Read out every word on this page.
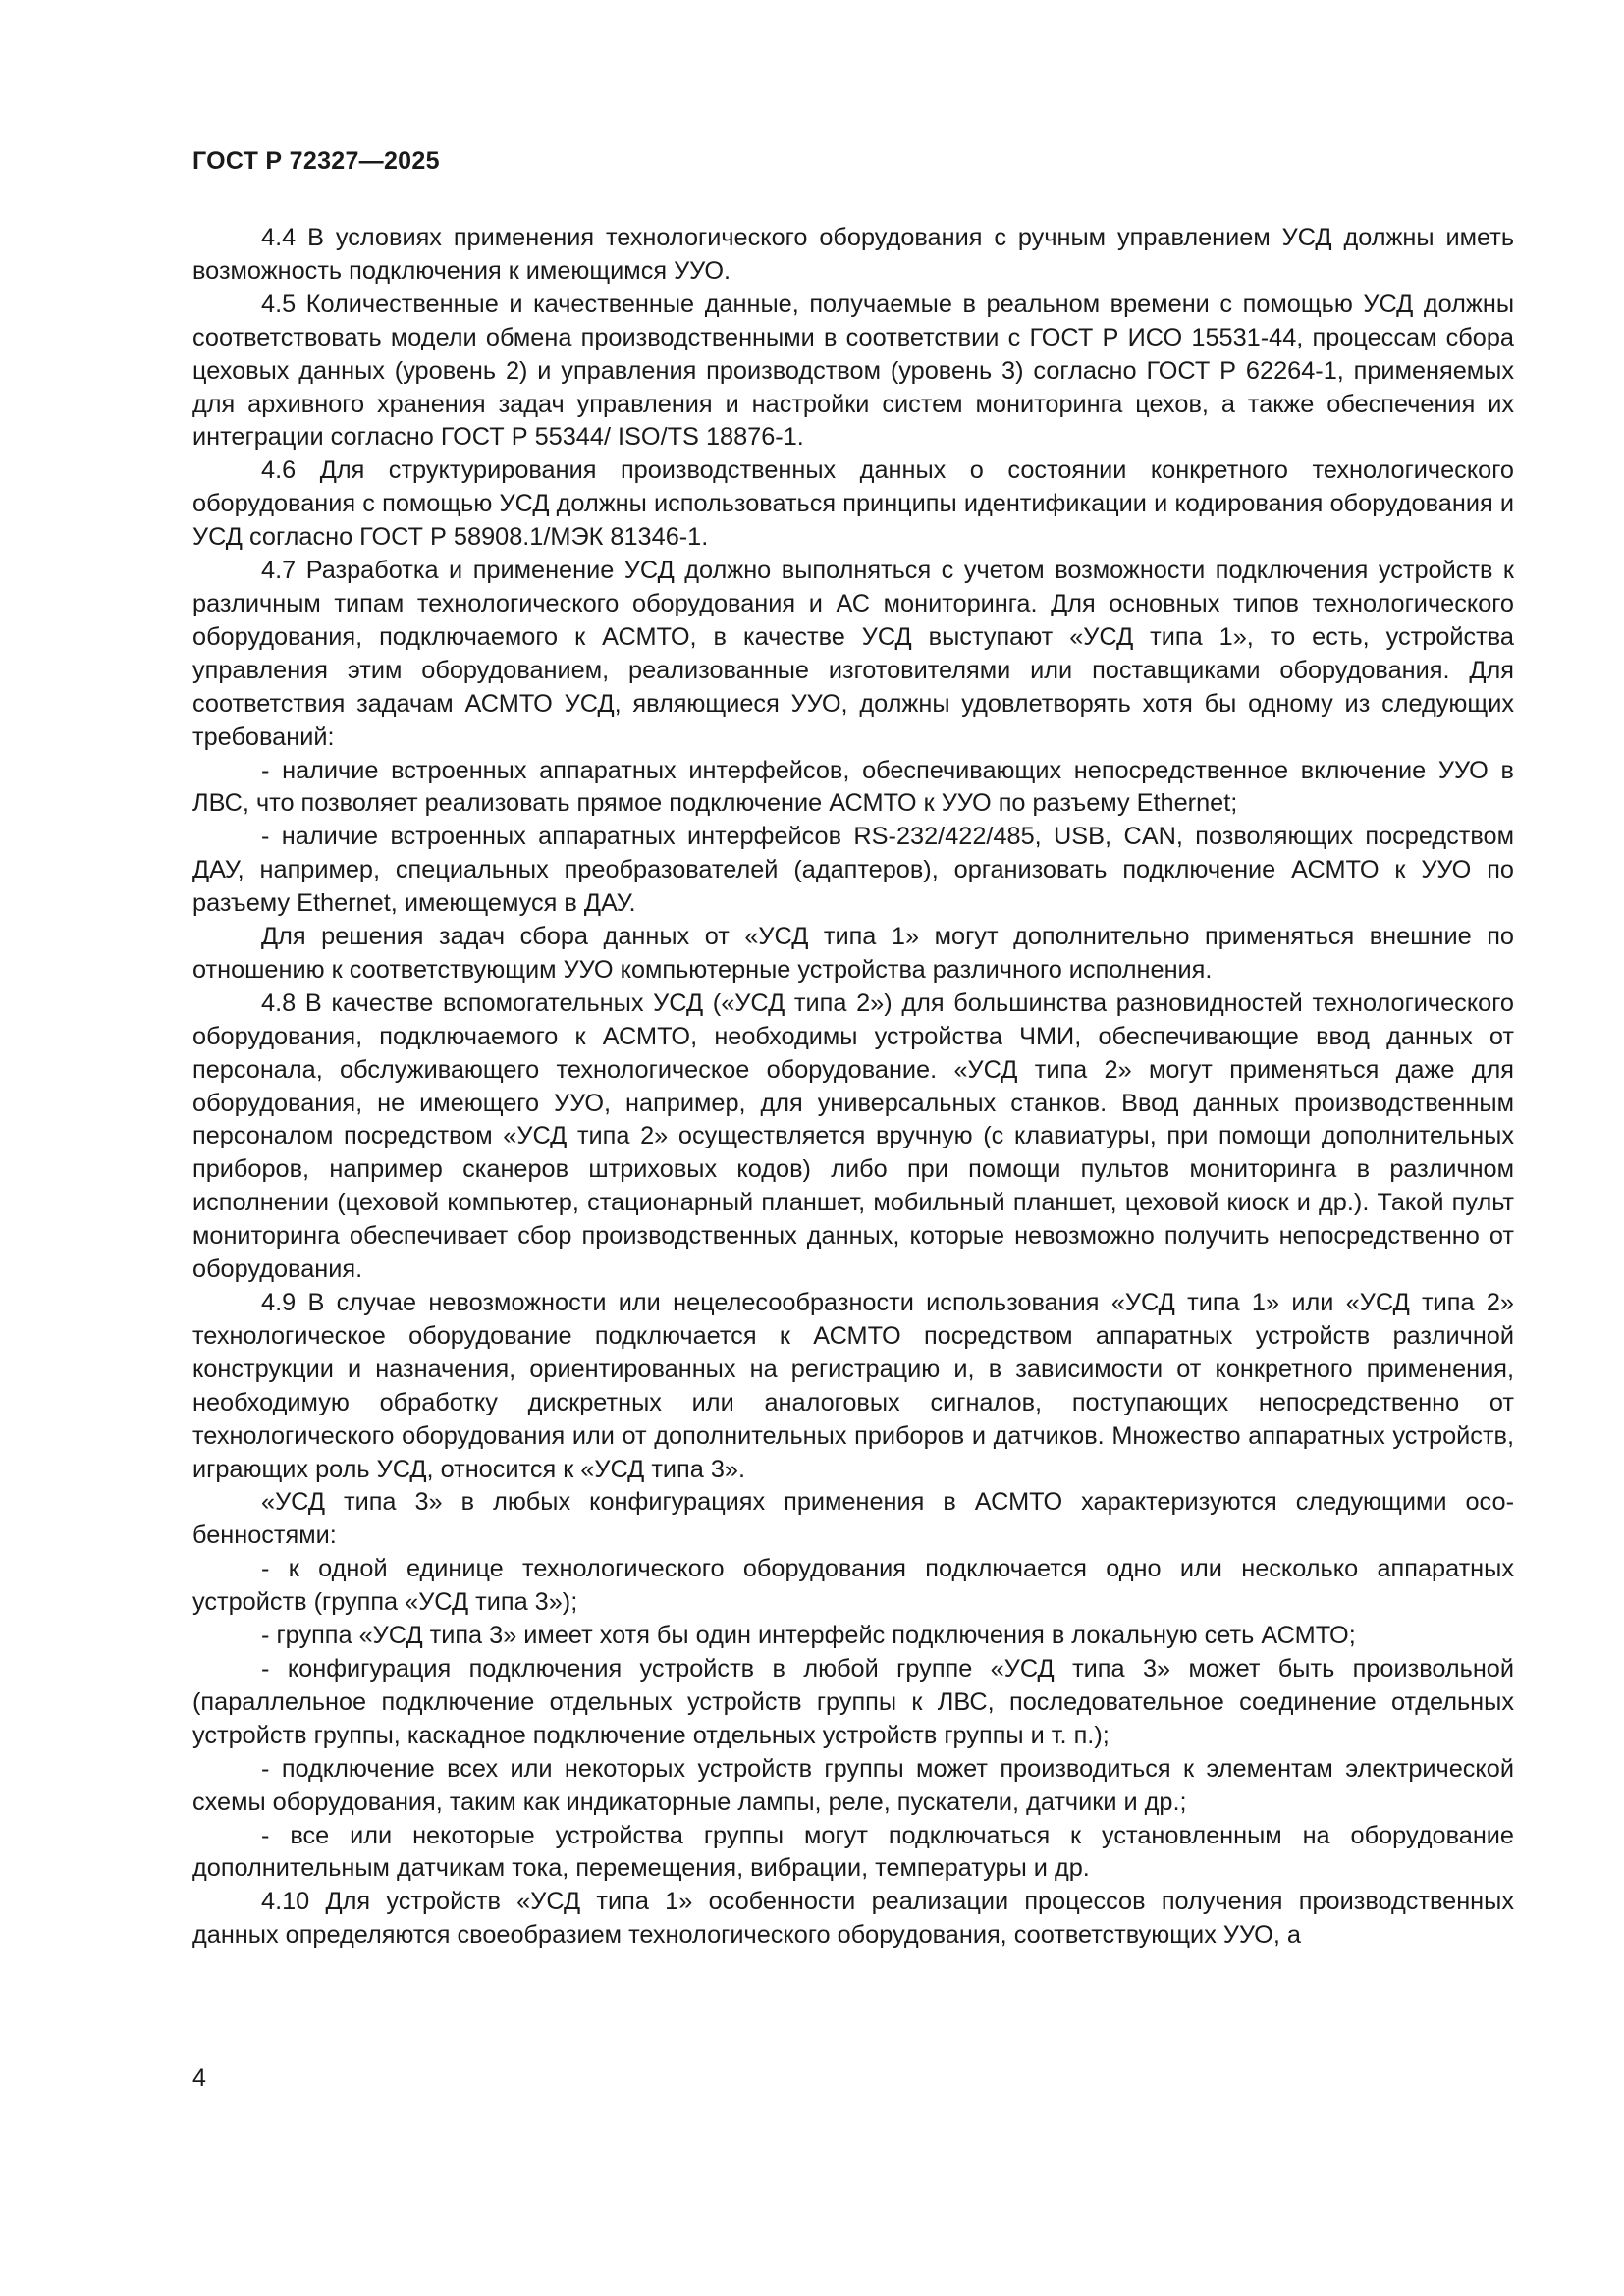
ГОСТ Р 72327—2025

4.4 В условиях применения технологического оборудования с ручным управлением УСД должны иметь возможность подключения к имеющимся УУО.

4.5 Количественные и качественные данные, получаемые в реальном времени с помощью УСД должны соответствовать модели обмена производственными в соответствии с ГОСТ Р ИСО 15531-44, процессам сбора цеховых данных (уровень 2) и управления производством (уровень 3) согласно ГОСТ Р 62264-1, применяемых для архивного хранения задач управления и настройки систем мониторинга цехов, а также обеспечения их интеграции согласно ГОСТ Р 55344/ ISO/TS 18876-1.

4.6 Для структурирования производственных данных о состоянии конкретного технологического оборудования с помощью УСД должны использоваться принципы идентификации и кодирования оборудования и УСД согласно ГОСТ Р 58908.1/МЭК 81346-1.

4.7 Разработка и применение УСД должно выполняться с учетом возможности подключения устройств к различным типам технологического оборудования и АС мониторинга. Для основных типов технологического оборудования, подключаемого к АСМТО, в качестве УСД выступают «УСД типа 1», то есть, устройства управления этим оборудованием, реализованные изготовителями или поставщиками оборудования. Для соответствия задачам АСМТО УСД, являющиеся УУО, должны удовлетворять хотя бы одному из следующих требований:

- наличие встроенных аппаратных интерфейсов, обеспечивающих непосредственное включение УУО в ЛВС, что позволяет реализовать прямое подключение АСМТО к УУО по разъему Ethernet;

- наличие встроенных аппаратных интерфейсов RS-232/422/485, USB, CAN, позволяющих посредством ДАУ, например, специальных преобразователей (адаптеров), организовать подключение АСМТО к УУО по разъему Ethernet, имеющемуся в ДАУ.

Для решения задач сбора данных от «УСД типа 1» могут дополнительно применяться внешние по отношению к соответствующим УУО компьютерные устройства различного исполнения.

4.8 В качестве вспомогательных УСД («УСД типа 2») для большинства разновидностей технологического оборудования, подключаемого к АСМТО, необходимы устройства ЧМИ, обеспечивающие ввод данных от персонала, обслуживающего технологическое оборудование. «УСД типа 2» могут применяться даже для оборудования, не имеющего УУО, например, для универсальных станков. Ввод данных производственным персоналом посредством «УСД типа 2» осуществляется вручную (с клавиатуры, при помощи дополнительных приборов, например сканеров штриховых кодов) либо при помощи пультов мониторинга в различном исполнении (цеховой компьютер, стационарный планшет, мобильный планшет, цеховой киоск и др.). Такой пульт мониторинга обеспечивает сбор производственных данных, которые невозможно получить непосредственно от оборудования.

4.9 В случае невозможности или нецелесообразности использования «УСД типа 1» или «УСД типа 2» технологическое оборудование подключается к АСМТО посредством аппаратных устройств различной конструкции и назначения, ориентированных на регистрацию и, в зависимости от конкретного применения, необходимую обработку дискретных или аналоговых сигналов, поступающих непосредственно от технологического оборудования или от дополнительных приборов и датчиков. Множество аппаратных устройств, играющих роль УСД, относится к «УСД типа 3».

«УСД типа 3» в любых конфигурациях применения в АСМТО характеризуются следующими особенностями:

- к одной единице технологического оборудования подключается одно или несколько аппаратных устройств (группа «УСД типа 3»);

- группа «УСД типа 3» имеет хотя бы один интерфейс подключения в локальную сеть АСМТО;

- конфигурация подключения устройств в любой группе «УСД типа 3» может быть произвольной (параллельное подключение отдельных устройств группы к ЛВС, последовательное соединение отдельных устройств группы, каскадное подключение отдельных устройств группы и т. п.);

- подключение всех или некоторых устройств группы может производиться к элементам электрической схемы оборудования, таким как индикаторные лампы, реле, пускатели, датчики и др.;

- все или некоторые устройства группы могут подключаться к установленным на оборудование дополнительным датчикам тока, перемещения, вибрации, температуры и др.

4.10 Для устройств «УСД типа 1» особенности реализации процессов получения производственных данных определяются своеобразием технологического оборудования, соответствующих УУО, а

4
